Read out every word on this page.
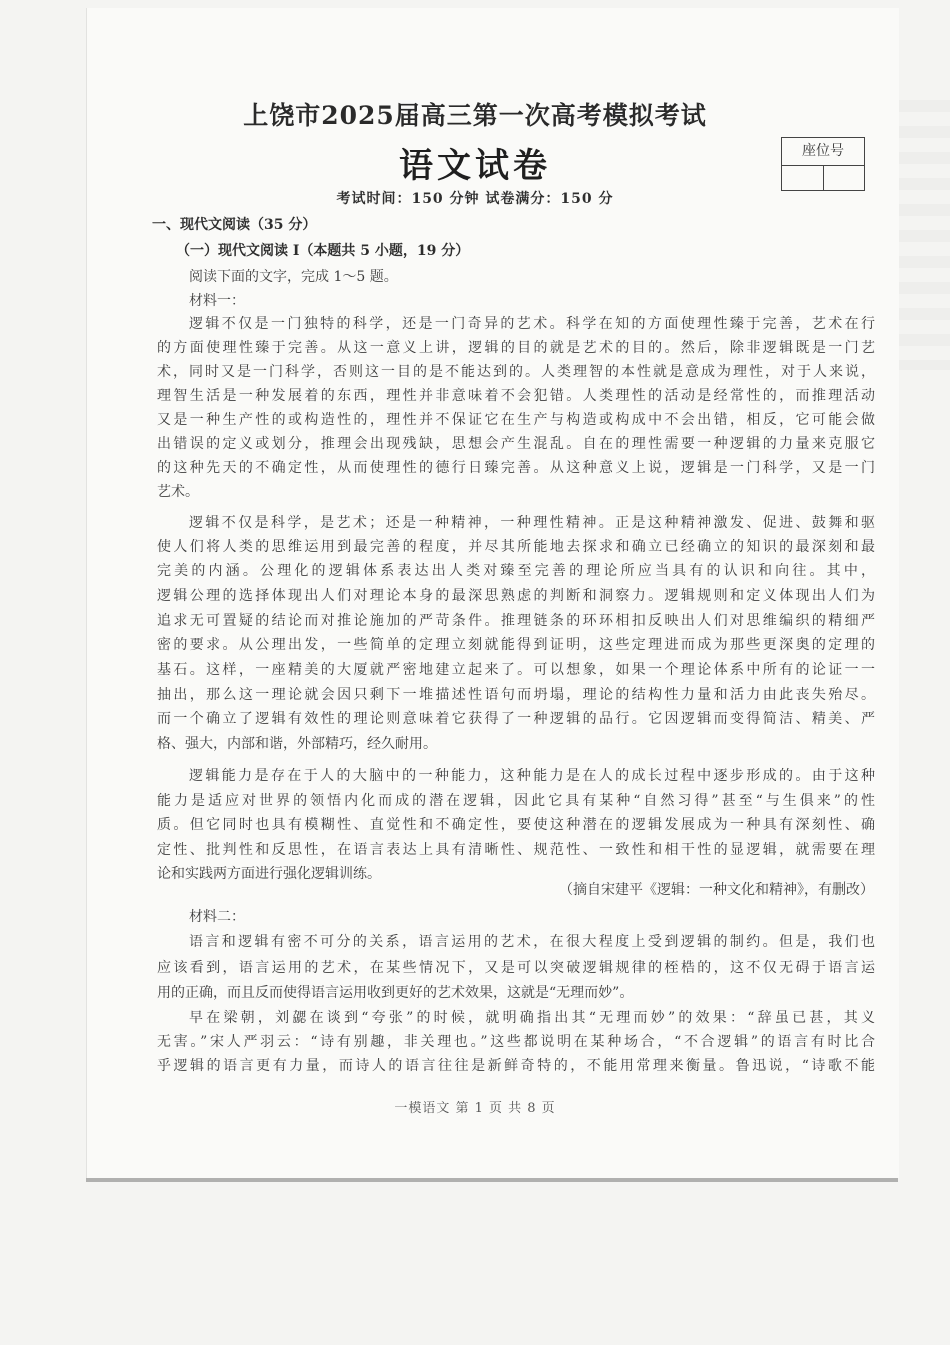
上饶市2025届高三第一次高考模拟考试
语文试卷	座位号
考试时间：150 分钟 试卷满分：150 分
一、现代文阅读（35 分）
（一）现代文阅读 I（本题共 5 小题，19 分）
阅读下面的文字，完成 1～5 题。
材料一：
逻辑不仅是一门独特的科学，还是一门奇异的艺术。科学在知的方面使理性臻于完善，艺术在行
的方面使理性臻于完善。从这一意义上讲，逻辑的目的就是艺术的目的。然后，除非逻辑既是一门艺
术，同时又是一门科学，否则这一目的是不能达到的。人类理智的本性就是意成为理性，对于人来说，
理智生活是一种发展着的东西，理性并非意味着不会犯错。人类理性的活动是经常性的，而推理活动
又是一种生产性的或构造性的，理性并不保证它在生产与构造或构成中不会出错，相反，它可能会做
出错误的定义或划分，推理会出现残缺，思想会产生混乱。自在的理性需要一种逻辑的力量来克服它
的这种先天的不确定性，从而使理性的德行日臻完善。从这种意义上说，逻辑是一门科学，又是一门
艺术。
逻辑不仅是科学，是艺术；还是一种精神，一种理性精神。正是这种精神激发、促进、鼓舞和驱
使人们将人类的思维运用到最完善的程度，并尽其所能地去探求和确立已经确立的知识的最深刻和最
完美的内涵。公理化的逻辑体系表达出人类对臻至完善的理论所应当具有的认识和向往。其中，
逻辑公理的选择体现出人们对理论本身的最深思熟虑的判断和洞察力。逻辑规则和定义体现出人们为
追求无可置疑的结论而对推论施加的严苛条件。推理链条的环环相扣反映出人们对思维编织的精细严
密的要求。从公理出发，一些简单的定理立刻就能得到证明，这些定理进而成为那些更深奥的定理的
基石。这样，一座精美的大厦就严密地建立起来了。可以想象，如果一个理论体系中所有的论证一一
抽出，那么这一理论就会因只剩下一堆描述性语句而坍塌，理论的结构性力量和活力由此丧失殆尽。
而一个确立了逻辑有效性的理论则意味着它获得了一种逻辑的品行。它因逻辑而变得简洁、精美、严
格、强大，内部和谐，外部精巧，经久耐用。
逻辑能力是存在于人的大脑中的一种能力，这种能力是在人的成长过程中逐步形成的。由于这种
能力是适应对世界的领悟内化而成的潜在逻辑，因此它具有某种“自然习得”甚至“与生俱来”的性
质。但它同时也具有模糊性、直觉性和不确定性，要使这种潜在的逻辑发展成为一种具有深刻性、确
定性、批判性和反思性，在语言表达上具有清晰性、规范性、一致性和相干性的显逻辑，就需要在理
论和实践两方面进行强化逻辑训练。
（摘自宋建平《逻辑：一种文化和精神》，有删改）
材料二：
语言和逻辑有密不可分的关系，语言运用的艺术，在很大程度上受到逻辑的制约。但是，我们也
应该看到，语言运用的艺术，在某些情况下，又是可以突破逻辑规律的桎梏的，这不仅无碍于语言运
用的正确，而且反而使得语言运用收到更好的艺术效果，这就是“无理而妙”。
早在梁朝，刘勰在谈到“夸张”的时候，就明确指出其“无理而妙”的效果：“辞虽已甚，其义
无害。”宋人严羽云：“诗有别趣，非关理也。”这些都说明在某种场合，“不合逻辑”的语言有时比合
乎逻辑的语言更有力量，而诗人的语言往往是新鲜奇特的，不能用常理来衡量。鲁迅说，“诗歌不能
一模语文 第 1 页 共 8 页
